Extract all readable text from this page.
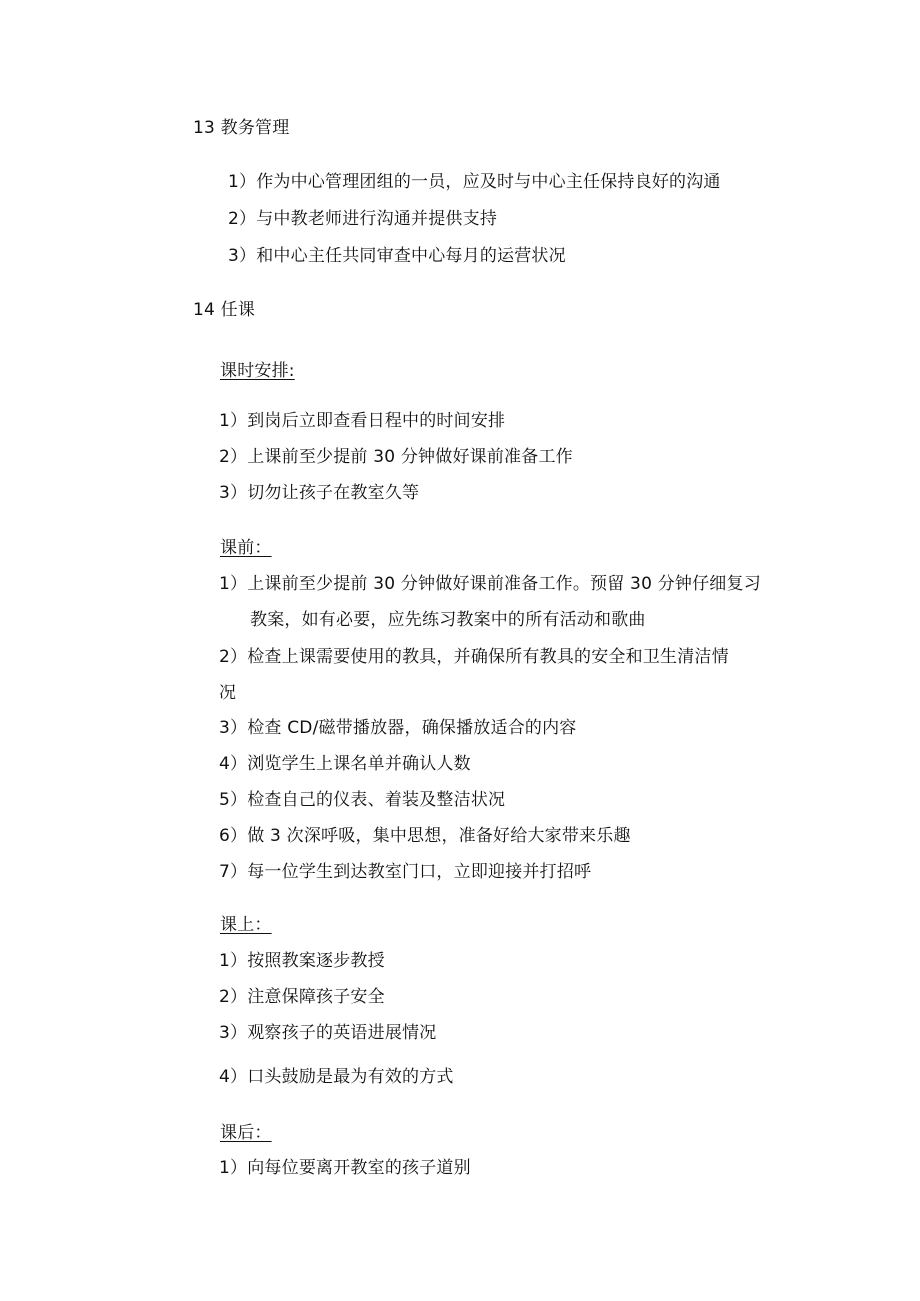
13 教务管理
1）作为中心管理团组的一员，应及时与中心主任保持良好的沟通
2）与中教老师进行沟通并提供支持
3）和中心主任共同审查中心每月的运营状况
14 任课
课时安排:
1）到岗后立即查看日程中的时间安排
2）上课前至少提前 30 分钟做好课前准备工作
3）切勿让孩子在教室久等
课前：
1）上课前至少提前 30 分钟做好课前准备工作。预留 30 分钟仔细复习
教案，如有必要，应先练习教案中的所有活动和歌曲
2）检查上课需要使用的教具，并确保所有教具的安全和卫生清洁情
况
3）检查 CD/磁带播放器，确保播放适合的内容
4）浏览学生上课名单并确认人数
5）检查自己的仪表、着装及整洁状况
6）做 3 次深呼吸，集中思想，准备好给大家带来乐趣
7）每一位学生到达教室门口，立即迎接并打招呼
课上：
1）按照教案逐步教授
2）注意保障孩子安全
3）观察孩子的英语进展情况
4）口头鼓励是最为有效的方式
课后：
1）向每位要离开教室的孩子道别
